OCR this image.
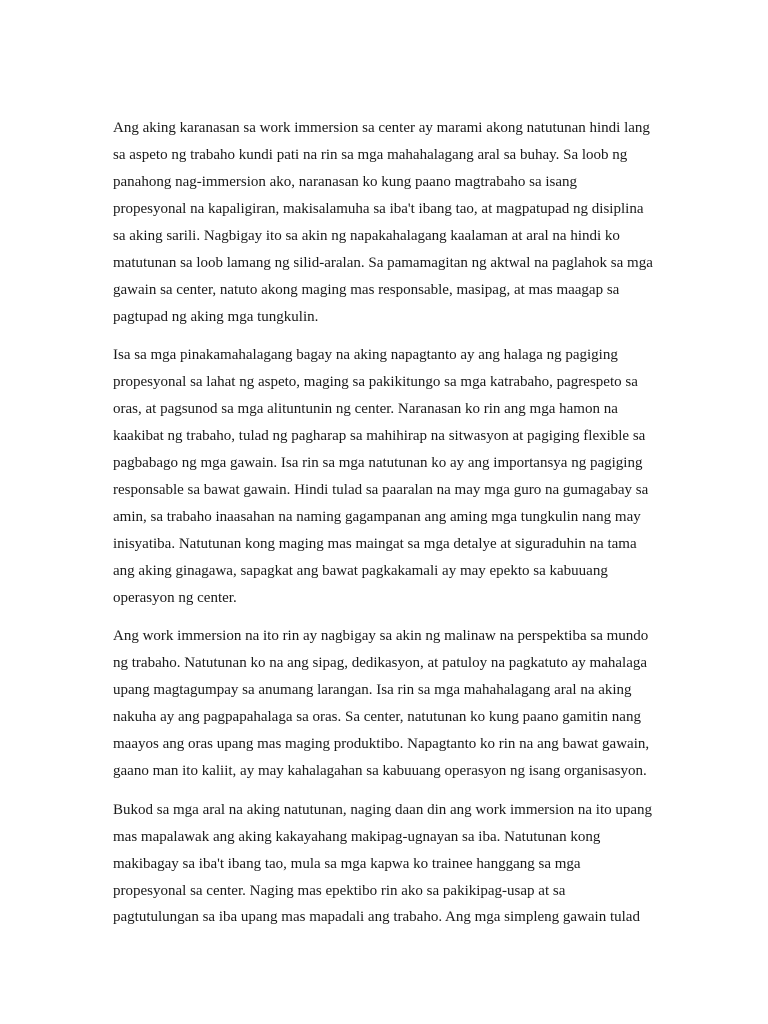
Ang aking karanasan sa work immersion sa center ay marami akong natutunan hindi lang
sa aspeto ng trabaho kundi pati na rin sa mga mahahalagang aral sa buhay. Sa loob ng
panahong nag-immersion ako, naranasan ko kung paano magtrabaho sa isang
propesyonal na kapaligiran, makisalamuha sa iba't ibang tao, at magpatupad ng disiplina
sa aking sarili. Nagbigay ito sa akin ng napakahalagang kaalaman at aral na hindi ko
matutunan sa loob lamang ng silid-aralan. Sa pamamagitan ng aktwal na paglahok sa mga
gawain sa center, natuto akong maging mas responsable, masipag, at mas maagap sa
pagtupad ng aking mga tungkulin.
Isa sa mga pinakamahalagang bagay na aking napagtanto ay ang halaga ng pagiging
propesyonal sa lahat ng aspeto, maging sa pakikitungo sa mga katrabaho, pagrespeto sa
oras, at pagsunod sa mga alituntunin ng center. Naranasan ko rin ang mga hamon na
kaakibat ng trabaho, tulad ng pagharap sa mahihirap na sitwasyon at pagiging flexible sa
pagbabago ng mga gawain. Isa rin sa mga natutunan ko ay ang importansya ng pagiging
responsable sa bawat gawain. Hindi tulad sa paaralan na may mga guro na gumagabay sa
amin, sa trabaho inaasahan na naming gagampanan ang aming mga tungkulin nang may
inisyatiba. Natutunan kong maging mas maingat sa mga detalye at siguraduhin na tama
ang aking ginagawa, sapagkat ang bawat pagkakamali ay may epekto sa kabuuang
operasyon ng center.
Ang work immersion na ito rin ay nagbigay sa akin ng malinaw na perspektiba sa mundo
ng trabaho. Natutunan ko na ang sipag, dedikasyon, at patuloy na pagkatuto ay mahalaga
upang magtagumpay sa anumang larangan. Isa rin sa mga mahahalagang aral na aking
nakuha ay ang pagpapahalaga sa oras. Sa center, natutunan ko kung paano gamitin nang
maayos ang oras upang mas maging produktibo. Napagtanto ko rin na ang bawat gawain,
gaano man ito kaliit, ay may kahalagahan sa kabuuang operasyon ng isang organisasyon.
Bukod sa mga aral na aking natutunan, naging daan din ang work immersion na ito upang
mas mapalawak ang aking kakayahang makipag-ugnayan sa iba. Natutunan kong
makibagay sa iba't ibang tao, mula sa mga kapwa ko trainee hanggang sa mga
propesyonal sa center. Naging mas epektibo rin ako sa pakikipag-usap at sa
pagtutulungan sa iba upang mas mapadali ang trabaho. Ang mga simpleng gawain tulad
